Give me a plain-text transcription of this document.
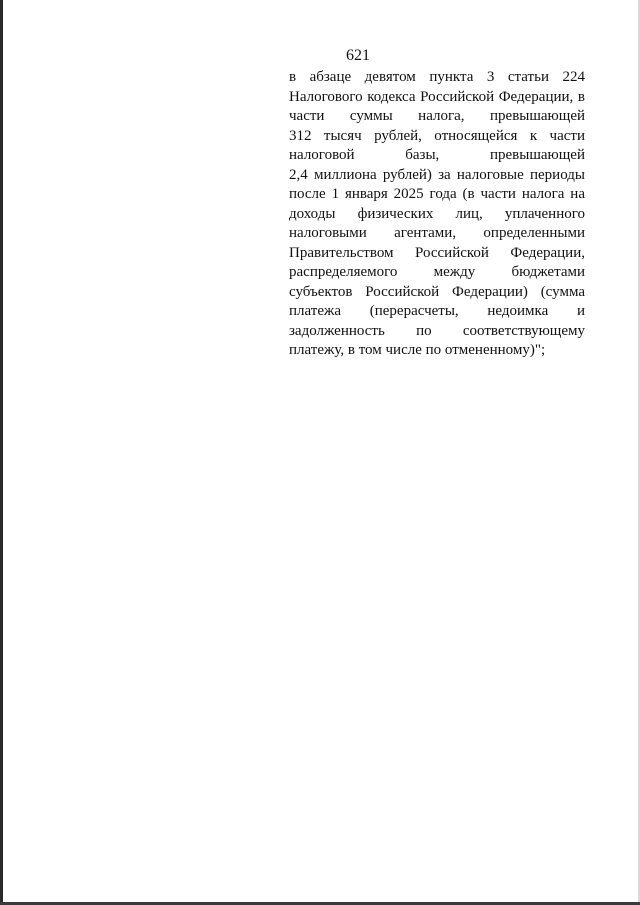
621
в абзаце девятом пункта 3 статьи 224
Налогового кодекса Российской Федерации, в
части суммы налога, превышающей
312 тысяч рублей, относящейся к части
налоговой базы, превышающей
2,4 миллиона рублей) за налоговые периоды
после 1 января 2025 года (в части налога на
доходы физических лиц, уплаченного
налоговыми агентами, определенными
Правительством Российской Федерации,
распределяемого между бюджетами
субъектов Российской Федерации) (сумма
платежа (перерасчеты, недоимка и
задолженность по соответствующему
платежу, в том числе по отмененному)";
